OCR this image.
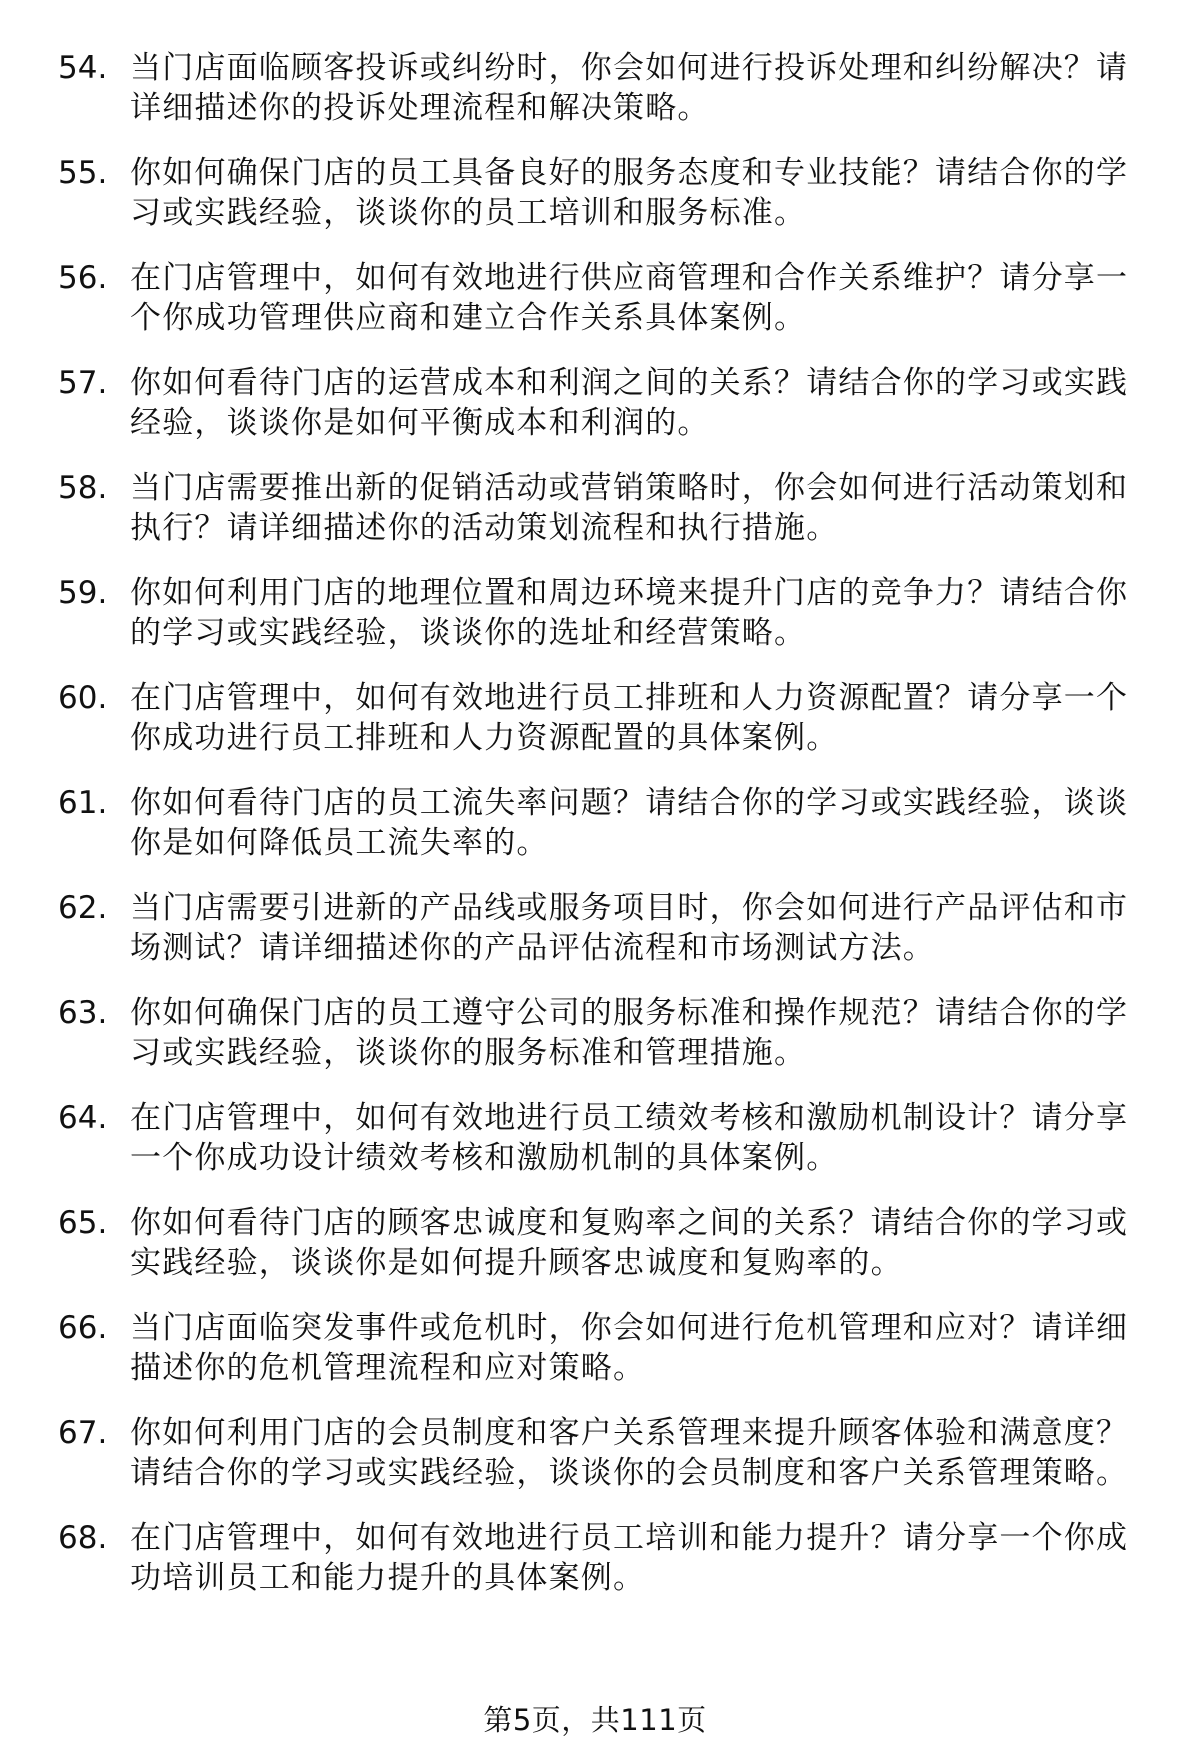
54. 当门店面临顾客投诉或纠纷时，你会如何进行投诉处理和纠纷解决？请详细描述你的投诉处理流程和解决策略。
55. 你如何确保门店的员工具备良好的服务态度和专业技能？请结合你的学习或实践经验，谈谈你的员工培训和服务标准。
56. 在门店管理中，如何有效地进行供应商管理和合作关系维护？请分享一个你成功管理供应商和建立合作关系具体案例。
57. 你如何看待门店的运营成本和利润之间的关系？请结合你的学习或实践经验，谈谈你是如何平衡成本和利润的。
58. 当门店需要推出新的促销活动或营销策略时，你会如何进行活动策划和执行？请详细描述你的活动策划流程和执行措施。
59. 你如何利用门店的地理位置和周边环境来提升门店的竞争力？请结合你的学习或实践经验，谈谈你的选址和经营策略。
60. 在门店管理中，如何有效地进行员工排班和人力资源配置？请分享一个你成功进行员工排班和人力资源配置的具体案例。
61. 你如何看待门店的员工流失率问题？请结合你的学习或实践经验，谈谈你是如何降低员工流失率的。
62. 当门店需要引进新的产品线或服务项目时，你会如何进行产品评估和市场测试？请详细描述你的产品评估流程和市场测试方法。
63. 你如何确保门店的员工遵守公司的服务标准和操作规范？请结合你的学习或实践经验，谈谈你的服务标准和管理措施。
64. 在门店管理中，如何有效地进行员工绩效考核和激励机制设计？请分享一个你成功设计绩效考核和激励机制的具体案例。
65. 你如何看待门店的顾客忠诚度和复购率之间的关系？请结合你的学习或实践经验，谈谈你是如何提升顾客忠诚度和复购率的。
66. 当门店面临突发事件或危机时，你会如何进行危机管理和应对？请详细描述你的危机管理流程和应对策略。
67. 你如何利用门店的会员制度和客户关系管理来提升顾客体验和满意度？请结合你的学习或实践经验，谈谈你的会员制度和客户关系管理策略。
68. 在门店管理中，如何有效地进行员工培训和能力提升？请分享一个你成功培训员工和能力提升的具体案例。
第5页，共111页
